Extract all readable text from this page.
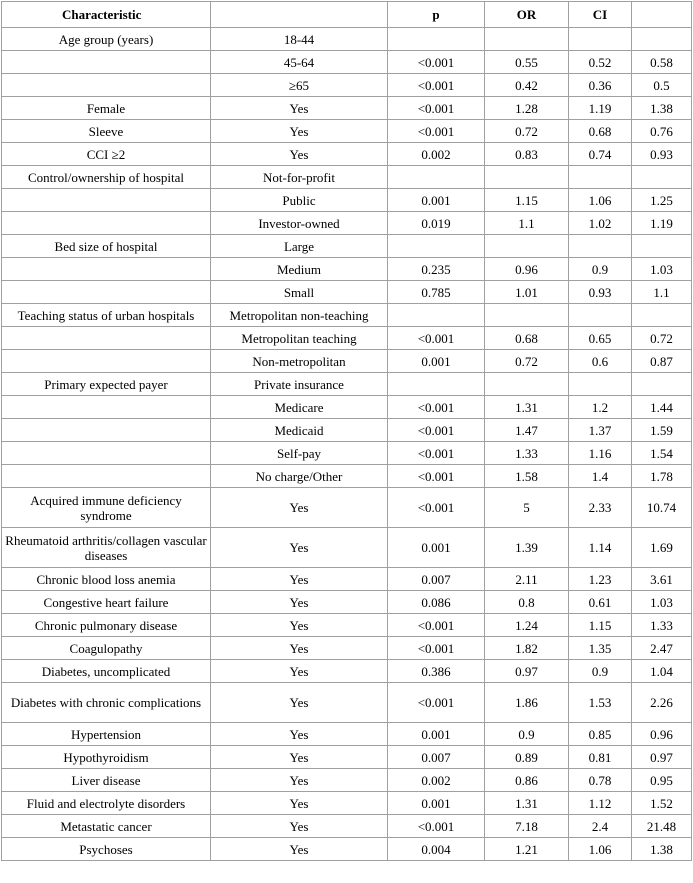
Characteristic		p	OR	CI	
Age group (years)	18-44				
	45-64	<0.001	0.55	0.52	0.58
	≥65	<0.001	0.42	0.36	0.5
Female	Yes	<0.001	1.28	1.19	1.38
Sleeve	Yes	<0.001	0.72	0.68	0.76
CCI ≥2	Yes	0.002	0.83	0.74	0.93
Control/ownership of hospital	Not-for-profit				
	Public	0.001	1.15	1.06	1.25
	Investor-owned	0.019	1.1	1.02	1.19
Bed size of hospital	Large				
	Medium	0.235	0.96	0.9	1.03
	Small	0.785	1.01	0.93	1.1
Teaching status of urban hospitals	Metropolitan non-teaching				
	Metropolitan teaching	<0.001	0.68	0.65	0.72
	Non-metropolitan	0.001	0.72	0.6	0.87
Primary expected payer	Private insurance				
	Medicare	<0.001	1.31	1.2	1.44
	Medicaid	<0.001	1.47	1.37	1.59
	Self-pay	<0.001	1.33	1.16	1.54
	No charge/Other	<0.001	1.58	1.4	1.78
Acquired immune deficiency syndrome	Yes	<0.001	5	2.33	10.74
Rheumatoid arthritis/collagen vascular diseases	Yes	0.001	1.39	1.14	1.69
Chronic blood loss anemia	Yes	0.007	2.11	1.23	3.61
Congestive heart failure	Yes	0.086	0.8	0.61	1.03
Chronic pulmonary disease	Yes	<0.001	1.24	1.15	1.33
Coagulopathy	Yes	<0.001	1.82	1.35	2.47
Diabetes, uncomplicated	Yes	0.386	0.97	0.9	1.04
Diabetes with chronic complications	Yes	<0.001	1.86	1.53	2.26
Hypertension	Yes	0.001	0.9	0.85	0.96
Hypothyroidism	Yes	0.007	0.89	0.81	0.97
Liver disease	Yes	0.002	0.86	0.78	0.95
Fluid and electrolyte disorders	Yes	0.001	1.31	1.12	1.52
Metastatic cancer	Yes	<0.001	7.18	2.4	21.48
Psychoses	Yes	0.004	1.21	1.06	1.38
